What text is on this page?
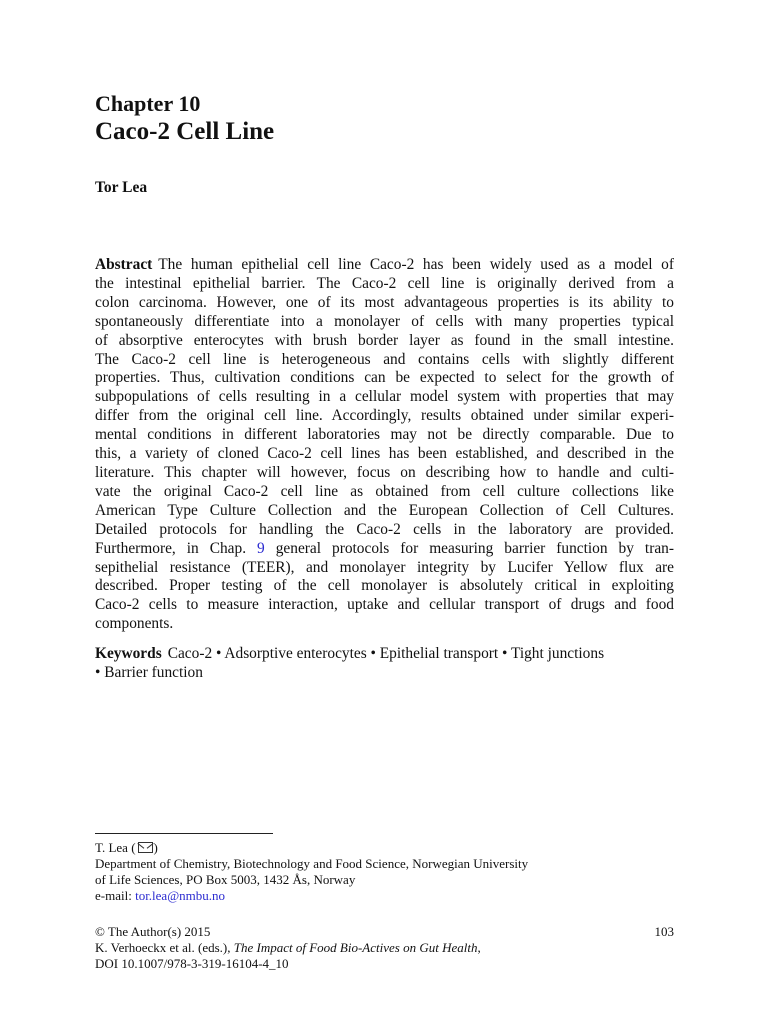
Chapter 10
Caco-2 Cell Line
Tor Lea
Abstract The human epithelial cell line Caco-2 has been widely used as a model of
the intestinal epithelial barrier. The Caco-2 cell line is originally derived from a
colon carcinoma. However, one of its most advantageous properties is its ability to
spontaneously differentiate into a monolayer of cells with many properties typical
of absorptive enterocytes with brush border layer as found in the small intestine.
The Caco-2 cell line is heterogeneous and contains cells with slightly different
properties. Thus, cultivation conditions can be expected to select for the growth of
subpopulations of cells resulting in a cellular model system with properties that may
differ from the original cell line. Accordingly, results obtained under similar experi-
mental conditions in different laboratories may not be directly comparable. Due to
this, a variety of cloned Caco-2 cell lines has been established, and described in the
literature. This chapter will however, focus on describing how to handle and culti-
vate the original Caco-2 cell line as obtained from cell culture collections like
American Type Culture Collection and the European Collection of Cell Cultures.
Detailed protocols for handling the Caco-2 cells in the laboratory are provided.
Furthermore, in Chap. 9 general protocols for measuring barrier function by tran-
sepithelial resistance (TEER), and monolayer integrity by Lucifer Yellow flux are
described. Proper testing of the cell monolayer is absolutely critical in exploiting
Caco-2 cells to measure interaction, uptake and cellular transport of drugs and food
components.
Keywords Caco-2 • Adsorptive enterocytes • Epithelial transport • Tight junctions
• Barrier function
T. Lea ( )
Department of Chemistry, Biotechnology and Food Science, Norwegian University
of Life Sciences, PO Box 5003, 1432 Ås, Norway
e-mail: tor.lea@nmbu.no
© The Author(s) 2015	103
K. Verhoeckx et al. (eds.), The Impact of Food Bio-Actives on Gut Health,
DOI 10.1007/978-3-319-16104-4_10
